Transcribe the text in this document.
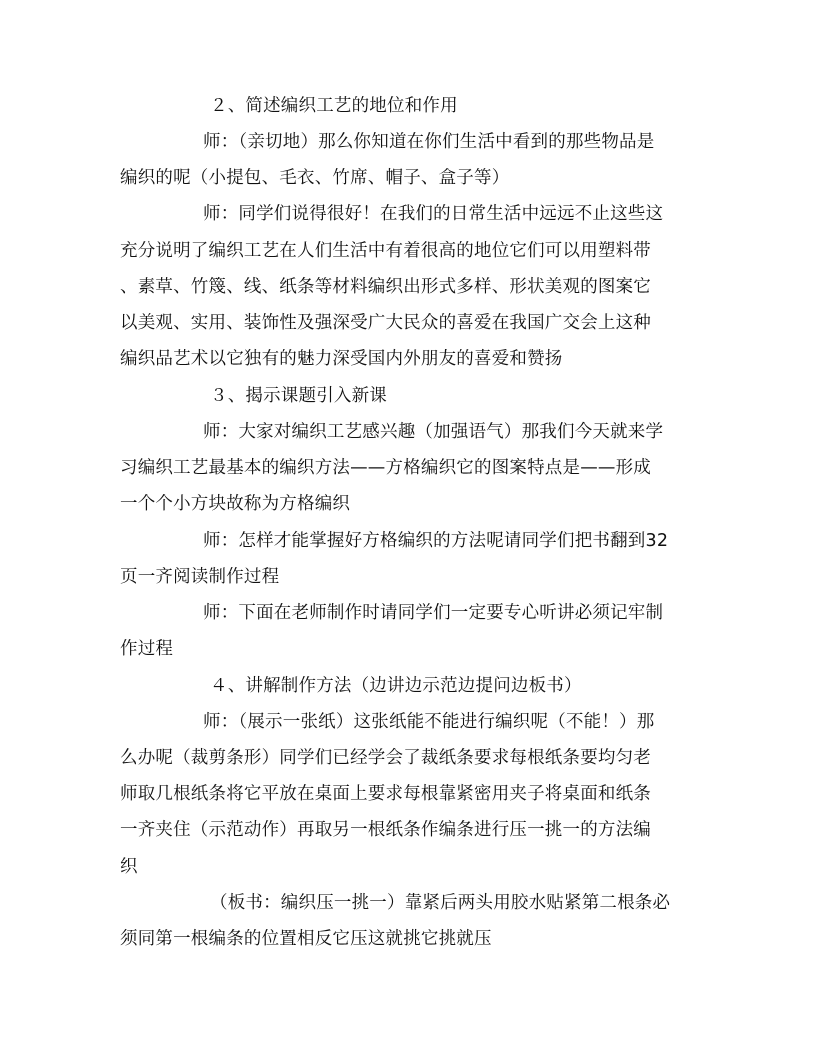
２、简述编织工艺的地位和作用
师：（亲切地）那么你知道在你们生活中看到的那些物品是
编织的呢（小提包、毛衣、竹席、帽子、盒子等）
师：同学们说得很好！在我们的日常生活中远远不止这些这
充分说明了编织工艺在人们生活中有着很高的地位它们可以用塑料带
、素草、竹篾、线、纸条等材料编织出形式多样、形状美观的图案它
以美观、实用、装饰性及强深受广大民众的喜爱在我国广交会上这种
编织品艺术以它独有的魅力深受国内外朋友的喜爱和赞扬
３、揭示课题引入新课
师：大家对编织工艺感兴趣（加强语气）那我们今天就来学
习编织工艺最基本的编织方法——方格编织它的图案特点是——形成
一个个小方块故称为方格编织
师：怎样才能掌握好方格编织的方法呢请同学们把书翻到32
页一齐阅读制作过程
师：下面在老师制作时请同学们一定要专心听讲必须记牢制
作过程
４、讲解制作方法（边讲边示范边提问边板书）
师：（展示一张纸）这张纸能不能进行编织呢（不能！）那
么办呢（裁剪条形）同学们已经学会了裁纸条要求每根纸条要均匀老
师取几根纸条将它平放在桌面上要求每根靠紧密用夹子将桌面和纸条
一齐夹住（示范动作）再取另一根纸条作编条进行压一挑一的方法编
织
（板书：编织压一挑一）靠紧后两头用胶水贴紧第二根条必
须同第一根编条的位置相反它压这就挑它挑就压
